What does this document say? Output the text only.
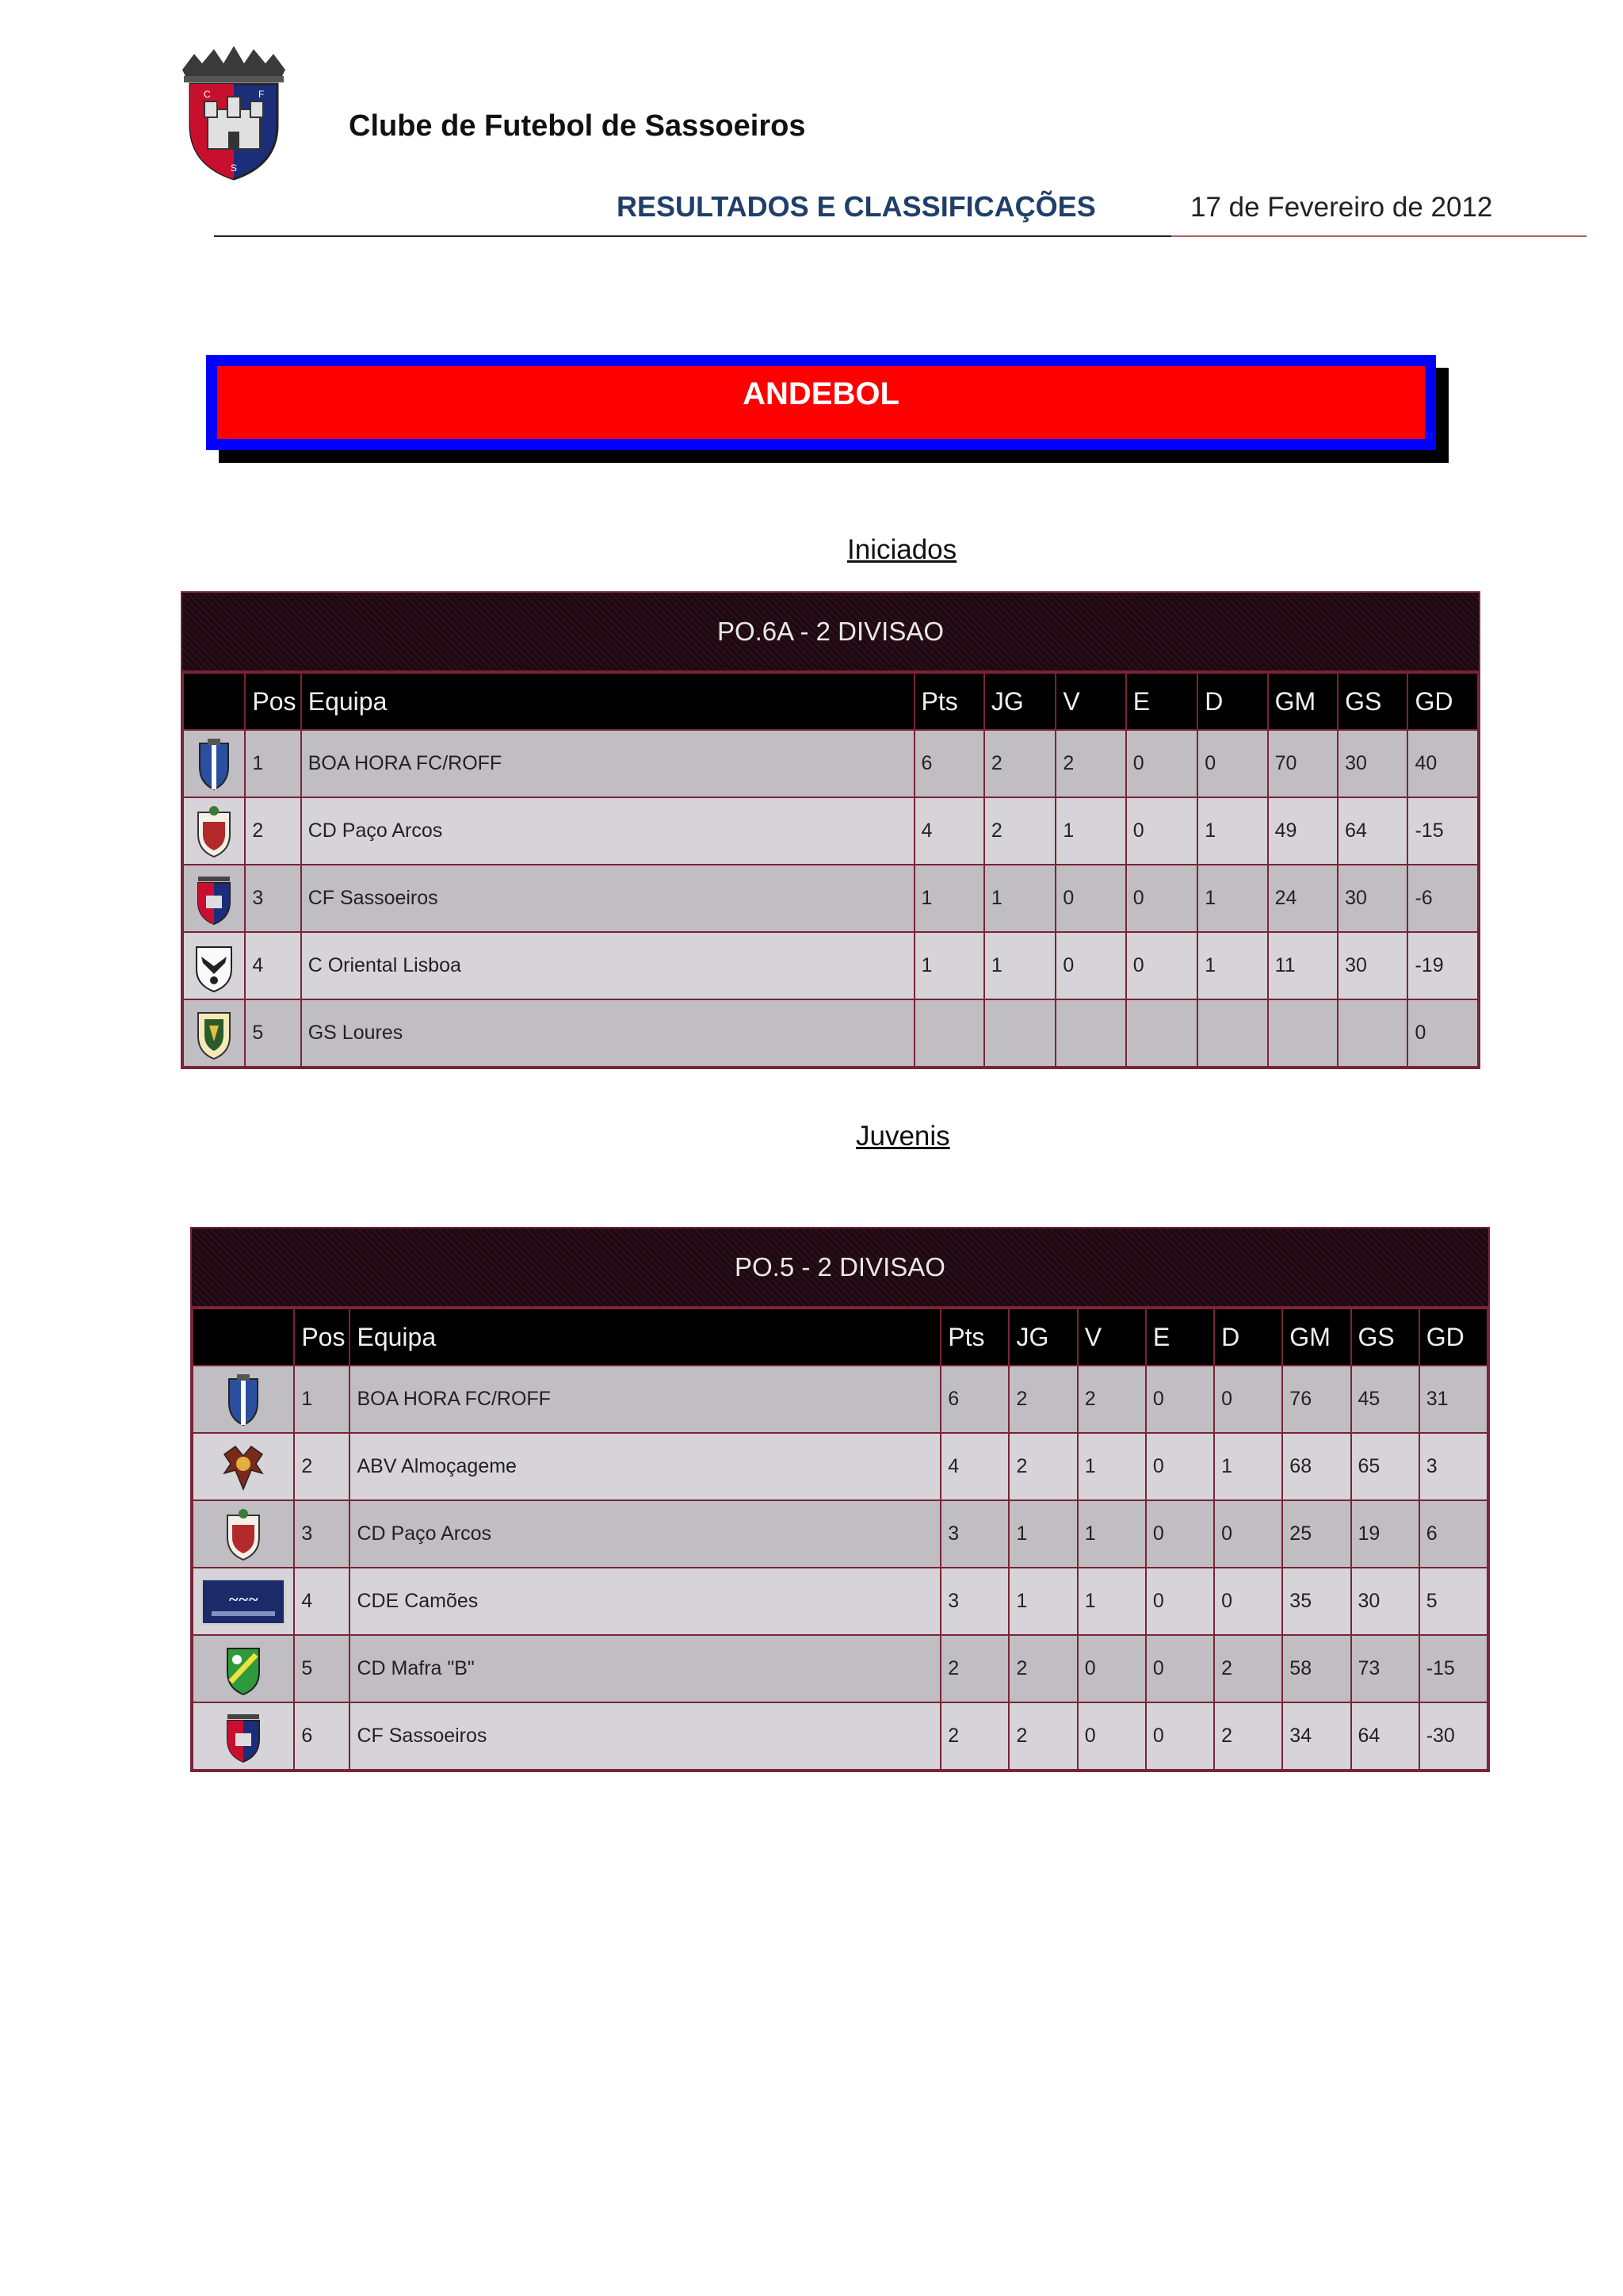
C	F
S
Clube de Futebol de Sassoeiros
RESULTADOS E CLASSIFICAÇÕES	17 de Fevereiro de 2012
ANDEBOL
Iniciados
PO.6A - 2 DIVISAO
	Pos	Equipa	Pts	JG	V	E	D	GM	GS	GD
	1	BOA HORA FC/ROFF	6	2	2	0	0	70	30	40
	2	CD Paço Arcos	4	2	1	0	1	49	64	-15
	3	CF Sassoeiros	1	1	0	0	1	24	30	-6
	4	C Oriental Lisboa	1	1	0	0	1	11	30	-19
	5	GS Loures								0
Juvenis
PO.5 - 2 DIVISAO
	Pos	Equipa	Pts	JG	V	E	D	GM	GS	GD
	1	BOA HORA FC/ROFF	6	2	2	0	0	76	45	31
	2	ABV Almoçageme	4	2	1	0	1	68	65	3
	3	CD Paço Arcos	3	1	1	0	0	25	19	6

~~~	4	CDE Camões	3	1	1	0	0	35	30	5
	5	CD Mafra "B"	2	2	0	0	2	58	73	-15
	6	CF Sassoeiros	2	2	0	0	2	34	64	-30
